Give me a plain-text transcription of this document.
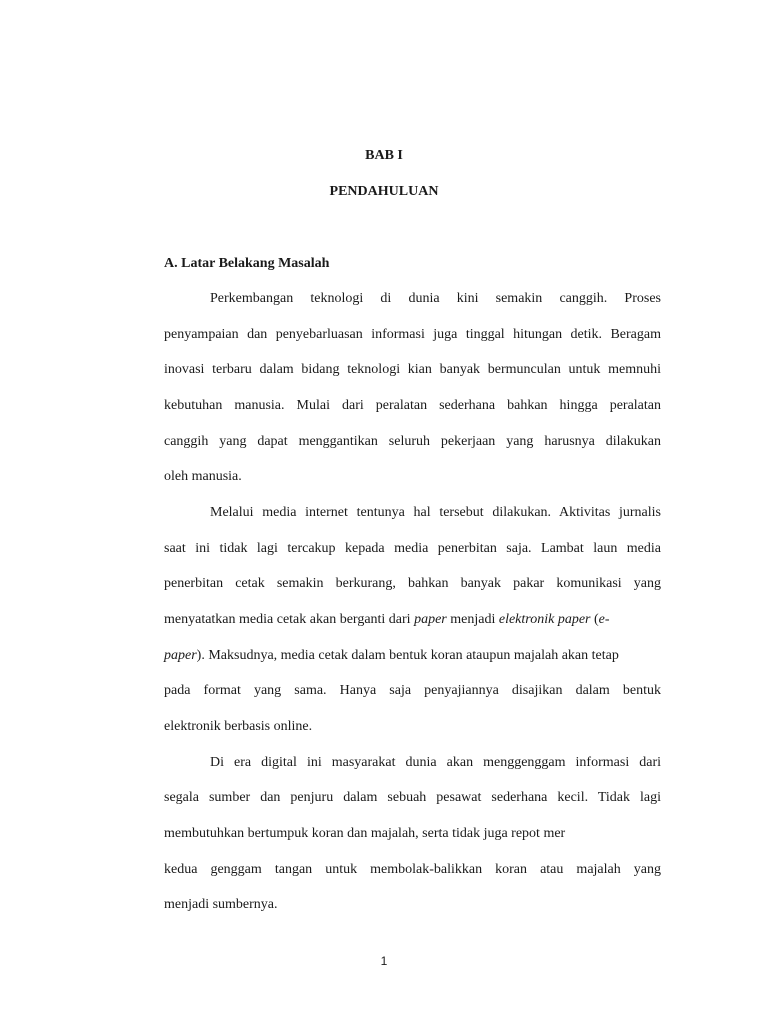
BAB I
PENDAHULUAN
A. Latar Belakang Masalah
Perkembangan teknologi di dunia kini semakin canggih. Proses
penyampaian dan penyebarluasan informasi juga tinggal hitungan detik. Beragam
inovasi terbaru dalam bidang teknologi kian banyak bermunculan untuk memnuhi
kebutuhan manusia. Mulai dari peralatan sederhana bahkan hingga peralatan
canggih yang dapat menggantikan seluruh pekerjaan yang harusnya dilakukan
oleh manusia.
Melalui media internet tentunya hal tersebut dilakukan. Aktivitas jurnalis
saat ini tidak lagi tercakup kepada media penerbitan saja. Lambat laun media
penerbitan cetak semakin berkurang, bahkan banyak pakar komunikasi yang
menyatatkan media cetak akan berganti dari paper menjadi elektronik paper (e-
paper). Maksudnya, media cetak dalam bentuk koran ataupun majalah akan tetap
pada format yang sama. Hanya saja penyajiannya disajikan dalam bentuk
elektronik berbasis online.
Di era digital ini masyarakat dunia akan menggenggam informasi dari
segala sumber dan penjuru dalam sebuah pesawat sederhana kecil. Tidak lagi
membutuhkan bertumpuk koran dan majalah, serta tidak juga repot mer
kedua genggam tangan untuk membolak-balikkan koran atau majalah yang
menjadi sumbernya.
1
